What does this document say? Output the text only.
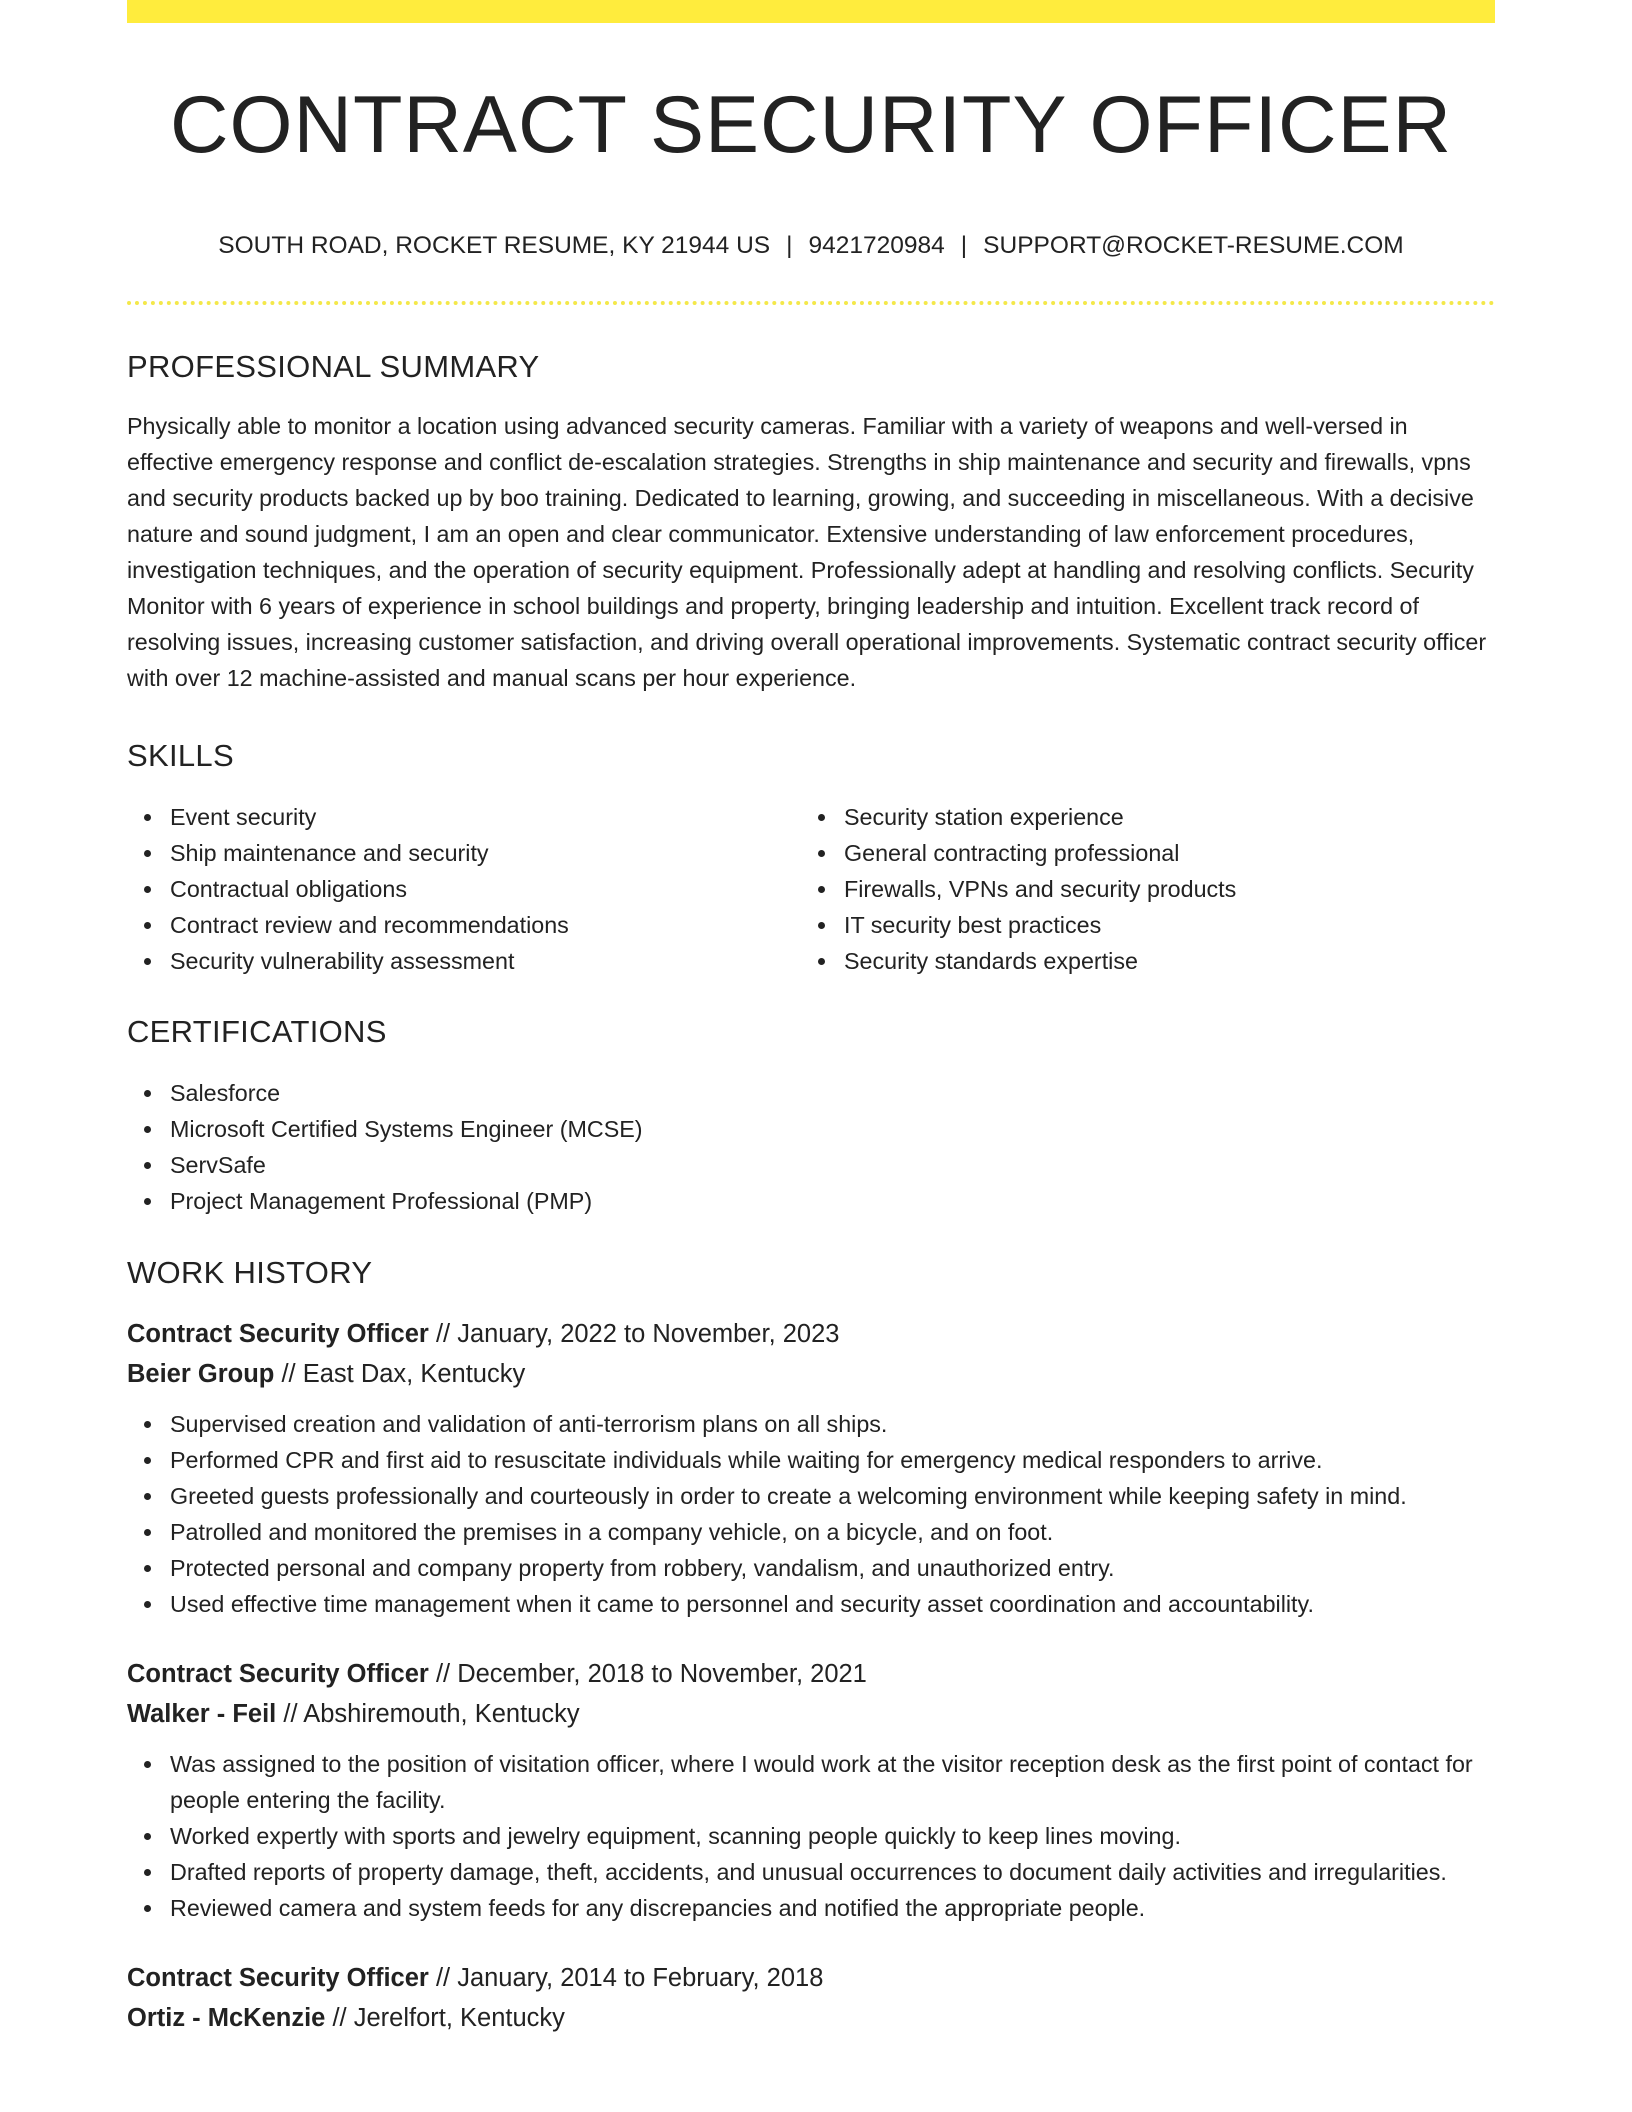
CONTRACT SECURITY OFFICER
SOUTH ROAD, ROCKET RESUME, KY 21944 US | 9421720984 | SUPPORT@ROCKET-RESUME.COM
PROFESSIONAL SUMMARY

Physically able to monitor a location using advanced security cameras. Familiar with a variety of weapons and well-versed in effective emergency response and conflict de-escalation strategies. Strengths in ship maintenance and security and firewalls, vpns and security products backed up by boo training. Dedicated to learning, growing, and succeeding in miscellaneous. With a decisive nature and sound judgment, I am an open and clear communicator. Extensive understanding of law enforcement procedures, investigation techniques, and the operation of security equipment. Professionally adept at handling and resolving conflicts. Security Monitor with 6 years of experience in school buildings and property, bringing leadership and intuition. Excellent track record of resolving issues, increasing customer satisfaction, and driving overall operational improvements. Systematic contract security officer with over 12 machine-assisted and manual scans per hour experience.

SKILLS
Event security
Ship maintenance and security
Contractual obligations
Contract review and recommendations
Security vulnerability assessment
Security station experience
General contracting professional
Firewalls, VPNs and security products
IT security best practices
Security standards expertise
CERTIFICATIONS
Salesforce
Microsoft Certified Systems Engineer (MCSE)
ServSafe
Project Management Professional (PMP)
WORK HISTORY
Contract Security Officer // January, 2022 to November, 2023
Beier Group // East Dax, Kentucky
Supervised creation and validation of anti-terrorism plans on all ships.
Performed CPR and first aid to resuscitate individuals while waiting for emergency medical responders to arrive.
Greeted guests professionally and courteously in order to create a welcoming environment while keeping safety in mind.
Patrolled and monitored the premises in a company vehicle, on a bicycle, and on foot.
Protected personal and company property from robbery, vandalism, and unauthorized entry.
Used effective time management when it came to personnel and security asset coordination and accountability.
Contract Security Officer // December, 2018 to November, 2021
Walker - Feil // Abshiremouth, Kentucky
Was assigned to the position of visitation officer, where I would work at the visitor reception desk as the first point of contact for people entering the facility.
Worked expertly with sports and jewelry equipment, scanning people quickly to keep lines moving.
Drafted reports of property damage, theft, accidents, and unusual occurrences to document daily activities and irregularities.
Reviewed camera and system feeds for any discrepancies and notified the appropriate people.
Contract Security Officer // January, 2014 to February, 2018
Ortiz - McKenzie // Jerelfort, Kentucky
